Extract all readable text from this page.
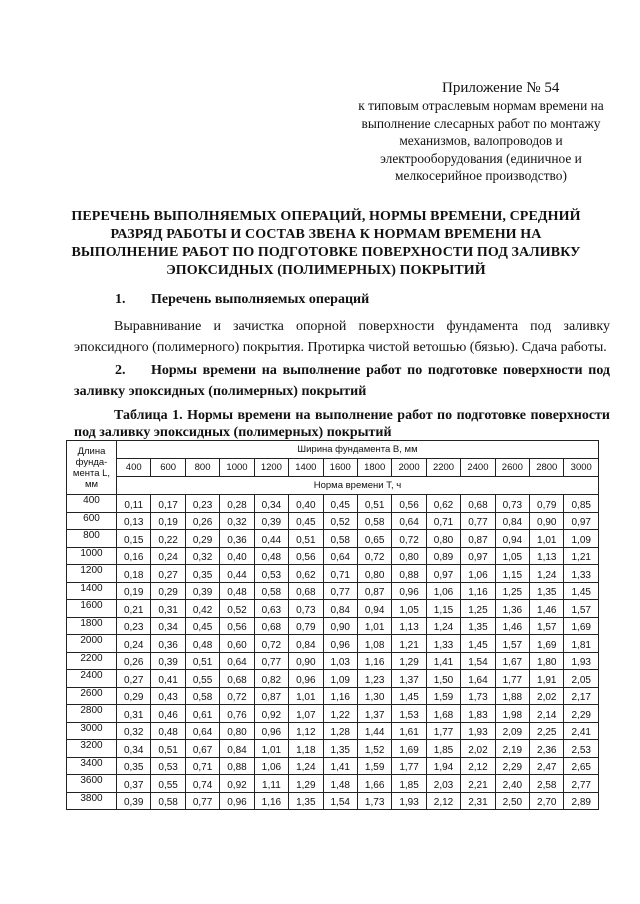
Приложение № 54
к типовым отраслевым нормам времени на выполнение слесарных работ по монтажу механизмов, валопроводов и электрооборудования (единичное и мелкосерийное производство)
ПЕРЕЧЕНЬ ВЫПОЛНЯЕМЫХ ОПЕРАЦИЙ, НОРМЫ ВРЕМЕНИ, СРЕДНИЙ РАЗРЯД РАБОТЫ И СОСТАВ ЗВЕНА К НОРМАМ ВРЕМЕНИ НА ВЫПОЛНЕНИЕ РАБОТ ПО ПОДГОТОВКЕ ПОВЕРХНОСТИ ПОД ЗАЛИВКУ ЭПОКСИДНЫХ (ПОЛИМЕРНЫХ) ПОКРЫТИЙ
1. Перечень выполняемых операций
Выравнивание и зачистка опорной поверхности фундамента под заливку эпоксидного (полимерного) покрытия. Протирка чистой ветошью (бязью). Сдача работы.
2. Нормы времени на выполнение работ по подготовке поверхности под заливку эпоксидных (полимерных) покрытий
Таблица 1. Нормы времени на выполнение работ по подготовке поверхности под заливку эпоксидных (полимерных) покрытий
Длина фунда- мента L, мм	Ширина фундамента B, мм													
	400	600	800	1000	1200	1400	1600	1800	2000	2200	2400	2600	2800	3000
	Норма времени T, ч													
400	0,11	0,17	0,23	0,28	0,34	0,40	0,45	0,51	0,56	0,62	0,68	0,73	0,79	0,85
600	0,13	0,19	0,26	0,32	0,39	0,45	0,52	0,58	0,64	0,71	0,77	0,84	0,90	0,97
800	0,15	0,22	0,29	0,36	0,44	0,51	0,58	0,65	0,72	0,80	0,87	0,94	1,01	1,09
1000	0,16	0,24	0,32	0,40	0,48	0,56	0,64	0,72	0,80	0,89	0,97	1,05	1,13	1,21
1200	0,18	0,27	0,35	0,44	0,53	0,62	0,71	0,80	0,88	0,97	1,06	1,15	1,24	1,33
1400	0,19	0,29	0,39	0,48	0,58	0,68	0,77	0,87	0,96	1,06	1,16	1,25	1,35	1,45
1600	0,21	0,31	0,42	0,52	0,63	0,73	0,84	0,94	1,05	1,15	1,25	1,36	1,46	1,57
1800	0,23	0,34	0,45	0,56	0,68	0,79	0,90	1,01	1,13	1,24	1,35	1,46	1,57	1,69
2000	0,24	0,36	0,48	0,60	0,72	0,84	0,96	1,08	1,21	1,33	1,45	1,57	1,69	1,81
2200	0,26	0,39	0,51	0,64	0,77	0,90	1,03	1,16	1,29	1,41	1,54	1,67	1,80	1,93
2400	0,27	0,41	0,55	0,68	0,82	0,96	1,09	1,23	1,37	1,50	1,64	1,77	1,91	2,05
2600	0,29	0,43	0,58	0,72	0,87	1,01	1,16	1,30	1,45	1,59	1,73	1,88	2,02	2,17
2800	0,31	0,46	0,61	0,76	0,92	1,07	1,22	1,37	1,53	1,68	1,83	1,98	2,14	2,29
3000	0,32	0,48	0,64	0,80	0,96	1,12	1,28	1,44	1,61	1,77	1,93	2,09	2,25	2,41
3200	0,34	0,51	0,67	0,84	1,01	1,18	1,35	1,52	1,69	1,85	2,02	2,19	2,36	2,53
3400	0,35	0,53	0,71	0,88	1,06	1,24	1,41	1,59	1,77	1,94	2,12	2,29	2,47	2,65
3600	0,37	0,55	0,74	0,92	1,11	1,29	1,48	1,66	1,85	2,03	2,21	2,40	2,58	2,77
3800	0,39	0,58	0,77	0,96	1,16	1,35	1,54	1,73	1,93	2,12	2,31	2,50	2,70	2,89
